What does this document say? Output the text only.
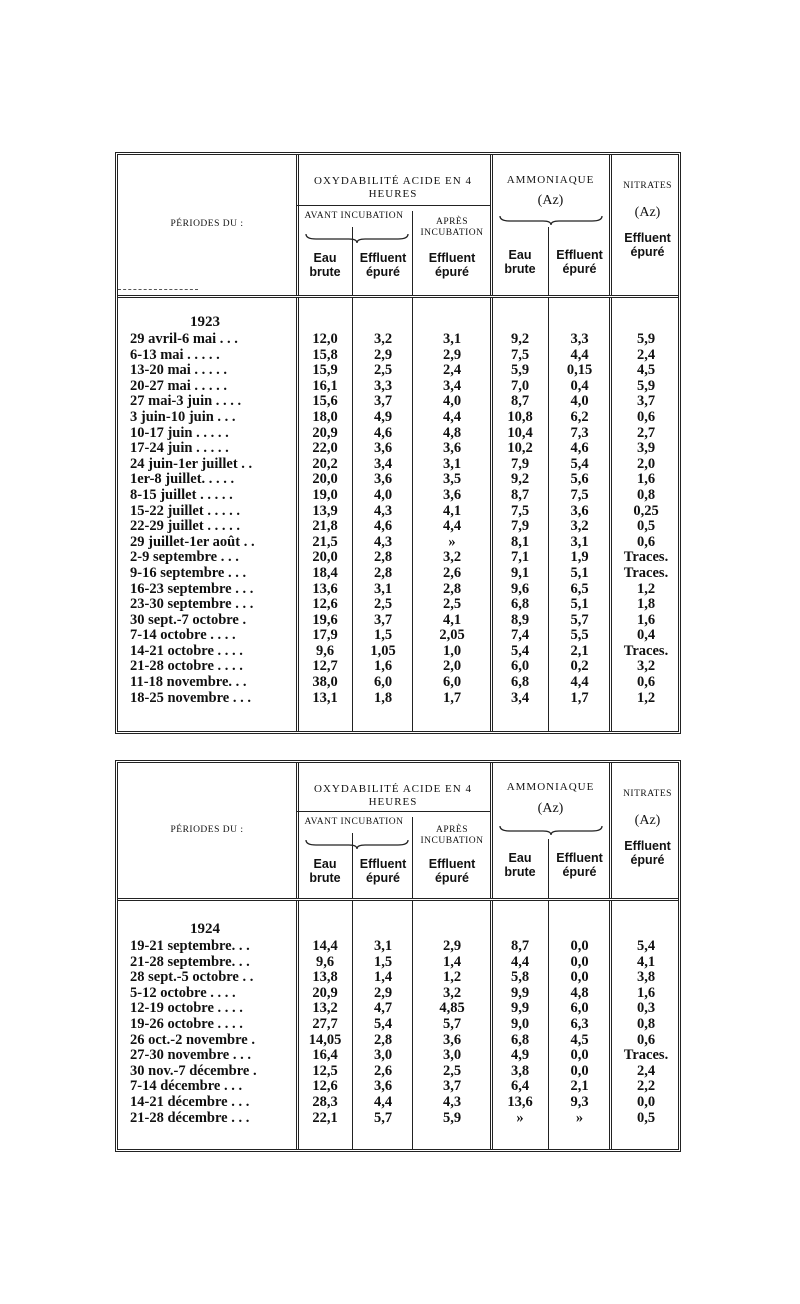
PÉRIODES DU :
OXYDABILITÉ ACIDE EN 4 HEURES
AVANT INCUBATION
APRÈS INCUBATION
AMMONIAQUE
(Az)
NITRATES
(Az)
Effluent épuré
Eau brute
Effluent épuré
Effluent épuré
Eau brute
Effluent épuré
1923
29 avril-6 mai . . .
6-13 mai . . . . .
13-20 mai . . . . .
20-27 mai . . . . .
27 mai-3 juin . . . .
3 juin-10 juin . . .
10-17 juin . . . . .
17-24 juin . . . . .
24 juin-1er juillet . .
1er-8 juillet. . . . .
8-15 juillet . . . . .
15-22 juillet . . . . .
22-29 juillet . . . . .
29 juillet-1er août . .
2-9 septembre . . .
9-16 septembre . . .
16-23 septembre . . .
23-30 septembre . . .
30 sept.-7 octobre .
7-14 octobre . . . .
14-21 octobre . . . .
21-28 octobre . . . .
11-18 novembre. . .
18-25 novembre . . .
12,0
15,8
15,9
16,1
15,6
18,0
20,9
22,0
20,2
20,0
19,0
13,9
21,8
21,5
20,0
18,4
13,6
12,6
19,6
17,9
9,6
12,7
38,0
13,1
3,2
2,9
2,5
3,3
3,7
4,9
4,6
3,6
3,4
3,6
4,0
4,3
4,6
4,3
2,8
2,8
3,1
2,5
3,7
1,5
1,05
1,6
6,0
1,8
3,1
2,9
2,4
3,4
4,0
4,4
4,8
3,6
3,1
3,5
3,6
4,1
4,4
»
3,2
2,6
2,8
2,5
4,1
2,05
1,0
2,0
6,0
1,7
9,2
7,5
5,9
7,0
8,7
10,8
10,4
10,2
7,9
9,2
8,7
7,5
7,9
8,1
7,1
9,1
9,6
6,8
8,9
7,4
5,4
6,0
6,8
3,4
3,3
4,4
0,15
0,4
4,0
6,2
7,3
4,6
5,4
5,6
7,5
3,6
3,2
3,1
1,9
5,1
6,5
5,1
5,7
5,5
2,1
0,2
4,4
1,7
5,9
2,4
4,5
5,9
3,7
0,6
2,7
3,9
2,0
1,6
0,8
0,25
0,5
0,6
Traces.
Traces.
1,2
1,8
1,6
0,4
Traces.
3,2
0,6
1,2
PÉRIODES DU :
OXYDABILITÉ ACIDE EN 4 HEURES
AVANT INCUBATION
APRÈS INCUBATION
AMMONIAQUE
(Az)
NITRATES
(Az)
Effluent épuré
Eau brute
Effluent épuré
Effluent épuré
Eau brute
Effluent épuré
1924
19-21 septembre. . .
21-28 septembre. . .
28 sept.-5 octobre . .
5-12 octobre . . . .
12-19 octobre . . . .
19-26 octobre . . . .
26 oct.-2 novembre .
27-30 novembre . . .
30 nov.-7 décembre .
7-14 décembre . . .
14-21 décembre . . .
21-28 décembre . . .
14,4
9,6
13,8
20,9
13,2
27,7
14,05
16,4
12,5
12,6
28,3
22,1
3,1
1,5
1,4
2,9
4,7
5,4
2,8
3,0
2,6
3,6
4,4
5,7
2,9
1,4
1,2
3,2
4,85
5,7
3,6
3,0
2,5
3,7
4,3
5,9
8,7
4,4
5,8
9,9
9,9
9,0
6,8
4,9
3,8
6,4
13,6
»
0,0
0,0
0,0
4,8
6,0
6,3
4,5
0,0
0,0
2,1
9,3
»
5,4
4,1
3,8
1,6
0,3
0,8
0,6
Traces.
2,4
2,2
0,0
0,5
